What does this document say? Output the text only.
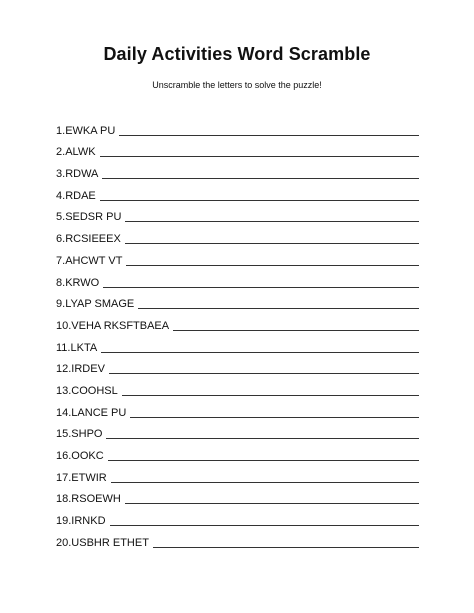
Daily Activities Word Scramble

Unscramble the letters to solve the puzzle!

1. EWKA PU
2. ALWK
3. RDWA
4. RDAE
5. SEDSR PU
6. RCSIEEEX
7. AHCWT VT
8. KRWO
9. LYAP SMAGE
10. VEHA RKSFTBAEA
11. LKTA
12. IRDEV
13. COOHSL
14. LANCE PU
15. SHPO
16. OOKC
17. ETWIR
18. RSOEWH
19. IRNKD
20. USBHR ETHET
